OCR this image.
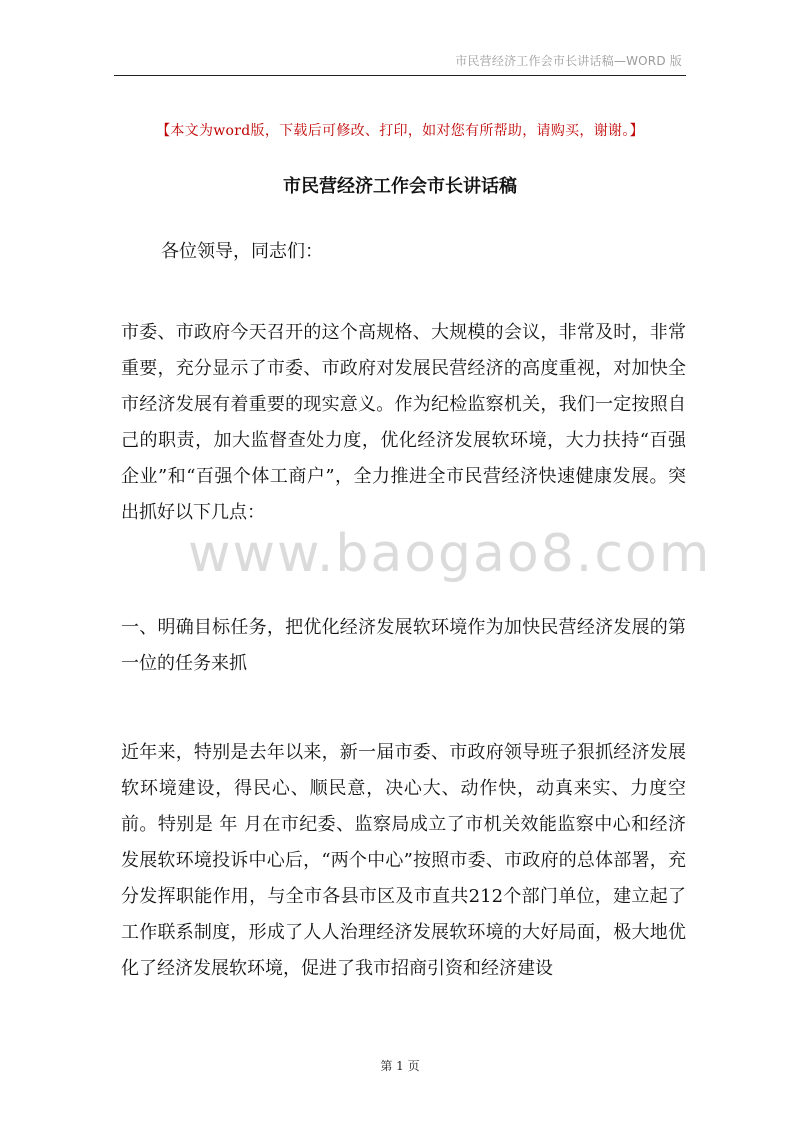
市民营经济工作会市长讲话稿—WORD 版
【本文为word版，下载后可修改、打印，如对您有所帮助，请购买，谢谢。】
市民营经济工作会市长讲话稿

各位领导，同志们：

市委、市政府今天召开的这个高规格、大规模的会议，非常及时，非常重要，充分显示了市委、市政府对发展民营经济的高度重视，对加快全市经济发展有着重要的现实意义。作为纪检监察机关，我们一定按照自己的职责，加大监督查处力度，优化经济发展软环境，大力扶持“百强企业”和“百强个体工商户”，全力推进全市民营经济快速健康发展。突出抓好以下几点：

一、明确目标任务，把优化经济发展软环境作为加快民营经济发展的第一位的任务来抓

近年来，特别是去年以来，新一届市委、市政府领导班子狠抓经济发展软环境建设，得民心、顺民意，决心大、动作快，动真来实、力度空前。特别是 年 月在市纪委、监察局成立了市机关效能监察中心和经济发展软环境投诉中心后，“两个中心”按照市委、市政府的总体部署，充分发挥职能作用，与全市各县市区及市直共212个部门单位，建立起了工作联系制度，形成了人人治理经济发展软环境的大好局面，极大地优化了经济发展软环境，促进了我市招商引资和经济建设

www.baogao8.com
第 1 页
